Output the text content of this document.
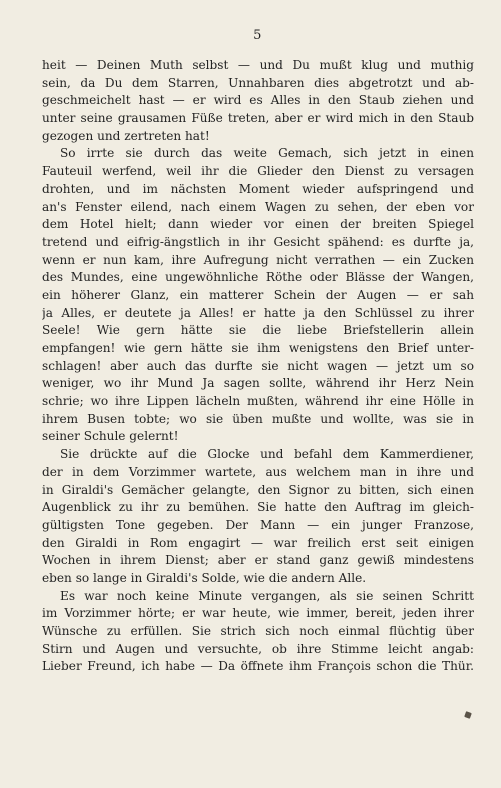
5
heit — Deinen Muth selbst — und Du mußt klug und muthig
sein, da Du dem Starren, Unnahbaren dies abgetrotzt und ab-
geschmeichelt hast — er wird es Alles in den Staub ziehen und
unter seine grausamen Füße treten, aber er wird mich in den Staub
gezogen und zertreten hat!
So irrte sie durch das weite Gemach, sich jetzt in einen
Fauteuil werfend, weil ihr die Glieder den Dienst zu versagen
drohten, und im nächsten Moment wieder aufspringend und
an's Fenster eilend, nach einem Wagen zu sehen, der eben vor
dem Hotel hielt; dann wieder vor einen der breiten Spiegel
tretend und eifrig-ängstlich in ihr Gesicht spähend: es durfte ja,
wenn er nun kam, ihre Aufregung nicht verrathen — ein Zucken
des Mundes, eine ungewöhnliche Röthe oder Blässe der Wangen,
ein höherer Glanz, ein matterer Schein der Augen — er sah
ja Alles, er deutete ja Alles! er hatte ja den Schlüssel zu ihrer
Seele! Wie gern hätte sie die liebe Briefstellerin allein
empfangen! wie gern hätte sie ihm wenigstens den Brief unter-
schlagen! aber auch das durfte sie nicht wagen — jetzt um so
weniger, wo ihr Mund Ja sagen sollte, während ihr Herz Nein
schrie; wo ihre Lippen lächeln mußten, während ihr eine Hölle in
ihrem Busen tobte; wo sie üben mußte und wollte, was sie in
seiner Schule gelernt!
Sie drückte auf die Glocke und befahl dem Kammerdiener,
der in dem Vorzimmer wartete, aus welchem man in ihre und
in Giraldi's Gemächer gelangte, den Signor zu bitten, sich einen
Augenblick zu ihr zu bemühen. Sie hatte den Auftrag im gleich-
gültigsten Tone gegeben. Der Mann — ein junger Franzose,
den Giraldi in Rom engagirt — war freilich erst seit einigen
Wochen in ihrem Dienst; aber er stand ganz gewiß mindestens
eben so lange in Giraldi's Solde, wie die andern Alle.
Es war noch keine Minute vergangen, als sie seinen Schritt
im Vorzimmer hörte; er war heute, wie immer, bereit, jeden ihrer
Wünsche zu erfüllen. Sie strich sich noch einmal flüchtig über
Stirn und Augen und versuchte, ob ihre Stimme leicht angab:
Lieber Freund, ich habe — Da öffnete ihm François schon die Thür.
